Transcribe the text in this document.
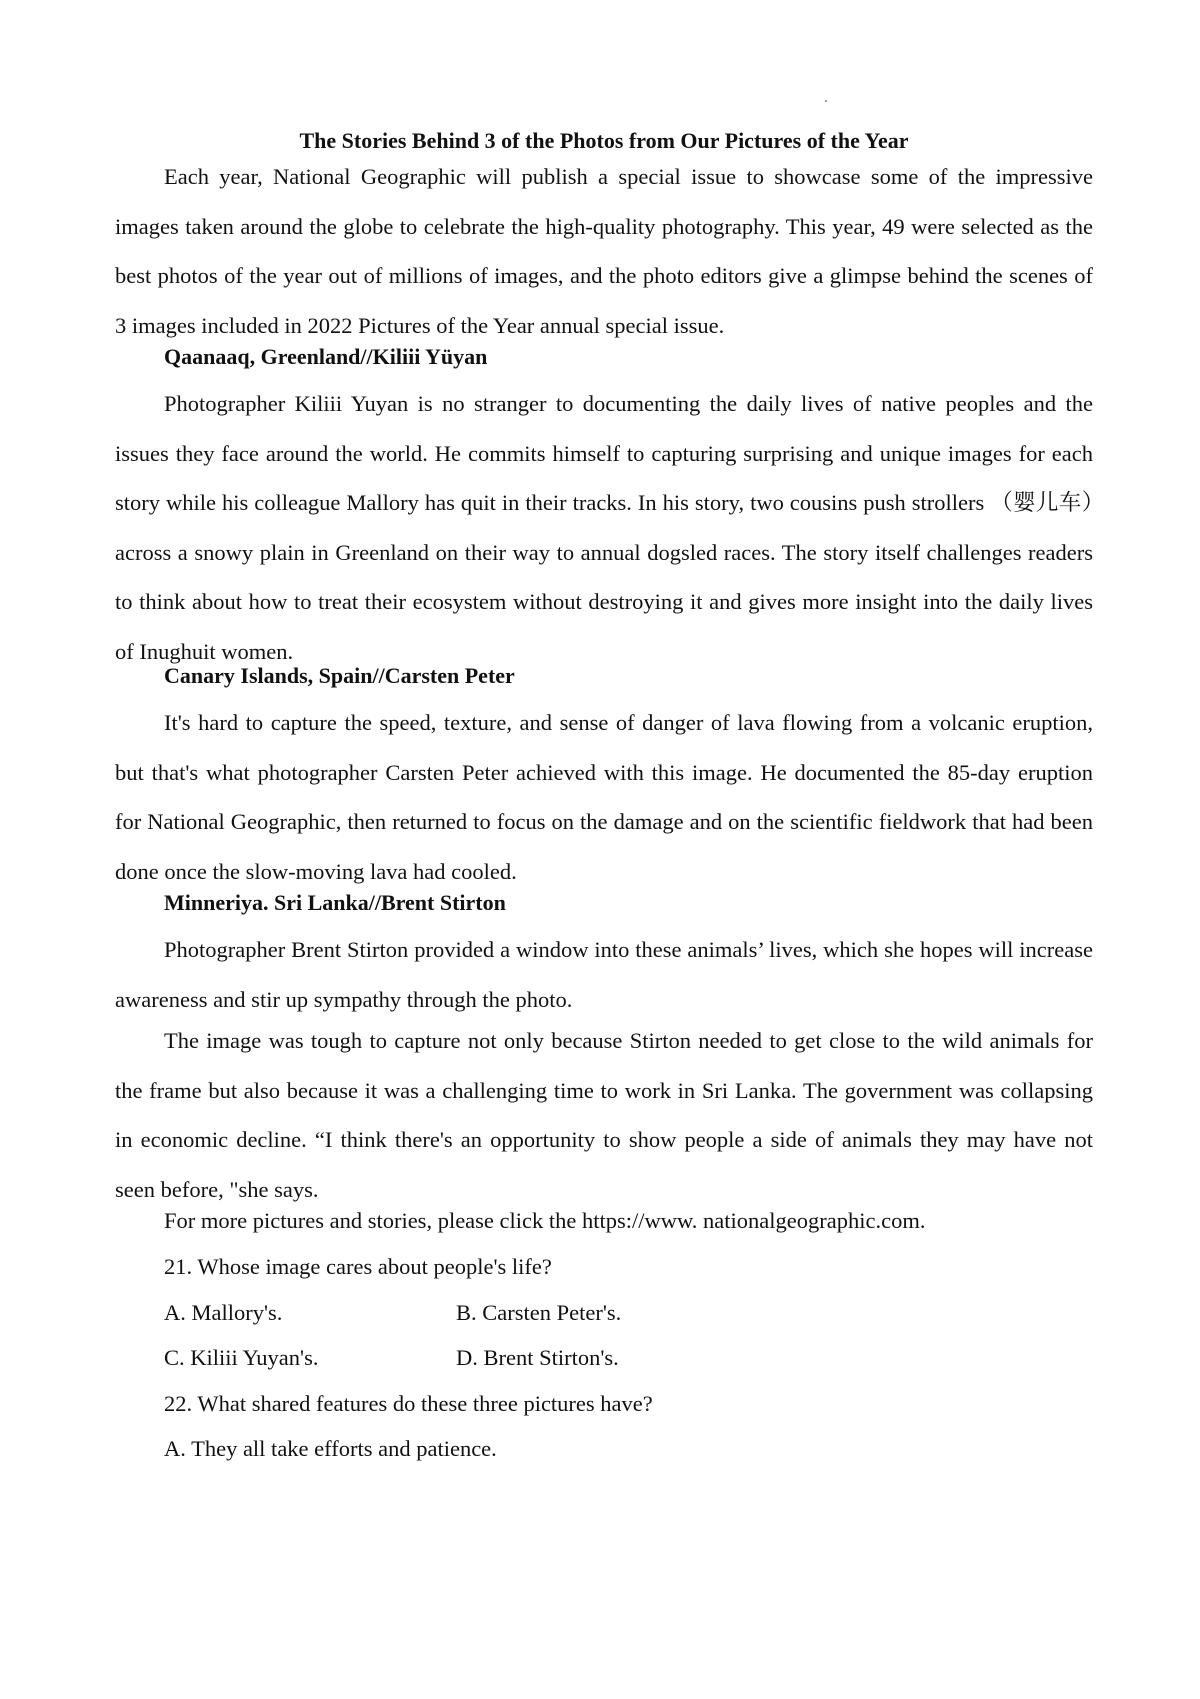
The Stories Behind 3 of the Photos from Our Pictures of the Year

Each year, National Geographic will publish a special issue to showcase some of the impressive images taken around the globe to celebrate the high-quality photography. This year, 49 were selected as the best photos of the year out of millions of images, and the photo editors give a glimpse behind the scenes of 3 images included in 2022 Pictures of the Year annual special issue.

Qaanaaq, Greenland//Kiliii Yüyan

Photographer Kiliii Yuyan is no stranger to documenting the daily lives of native peoples and the issues they face around the world. He commits himself to capturing surprising and unique images for each story while his colleague Mallory has quit in their tracks. In his story, two cousins push strollers （婴儿车）across a snowy plain in Greenland on their way to annual dogsled races. The story itself challenges readers to think about how to treat their ecosystem without destroying it and gives more insight into the daily lives of Inughuit women.

Canary Islands, Spain//Carsten Peter

It's hard to capture the speed, texture, and sense of danger of lava flowing from a volcanic eruption, but that's what photographer Carsten Peter achieved with this image. He documented the 85-day eruption for National Geographic, then returned to focus on the damage and on the scientific fieldwork that had been done once the slow-moving lava had cooled.

Minneriya. Sri Lanka//Brent Stirton

Photographer Brent Stirton provided a window into these animals’ lives, which she hopes will increase awareness and stir up sympathy through the photo.

The image was tough to capture not only because Stirton needed to get close to the wild animals for the frame but also because it was a challenging time to work in Sri Lanka. The government was collapsing in economic decline. “I think there's an opportunity to show people a side of animals they may have not seen before, "she says.

For more pictures and stories, please click the https://www. nationalgeographic.com.
21. Whose image cares about people's life?
A. Mallory's.	B. Carsten Peter's.
C. Kiliii Yuyan's.	D. Brent Stirton's.
22. What shared features do these three pictures have?
A. They all take efforts and patience.
